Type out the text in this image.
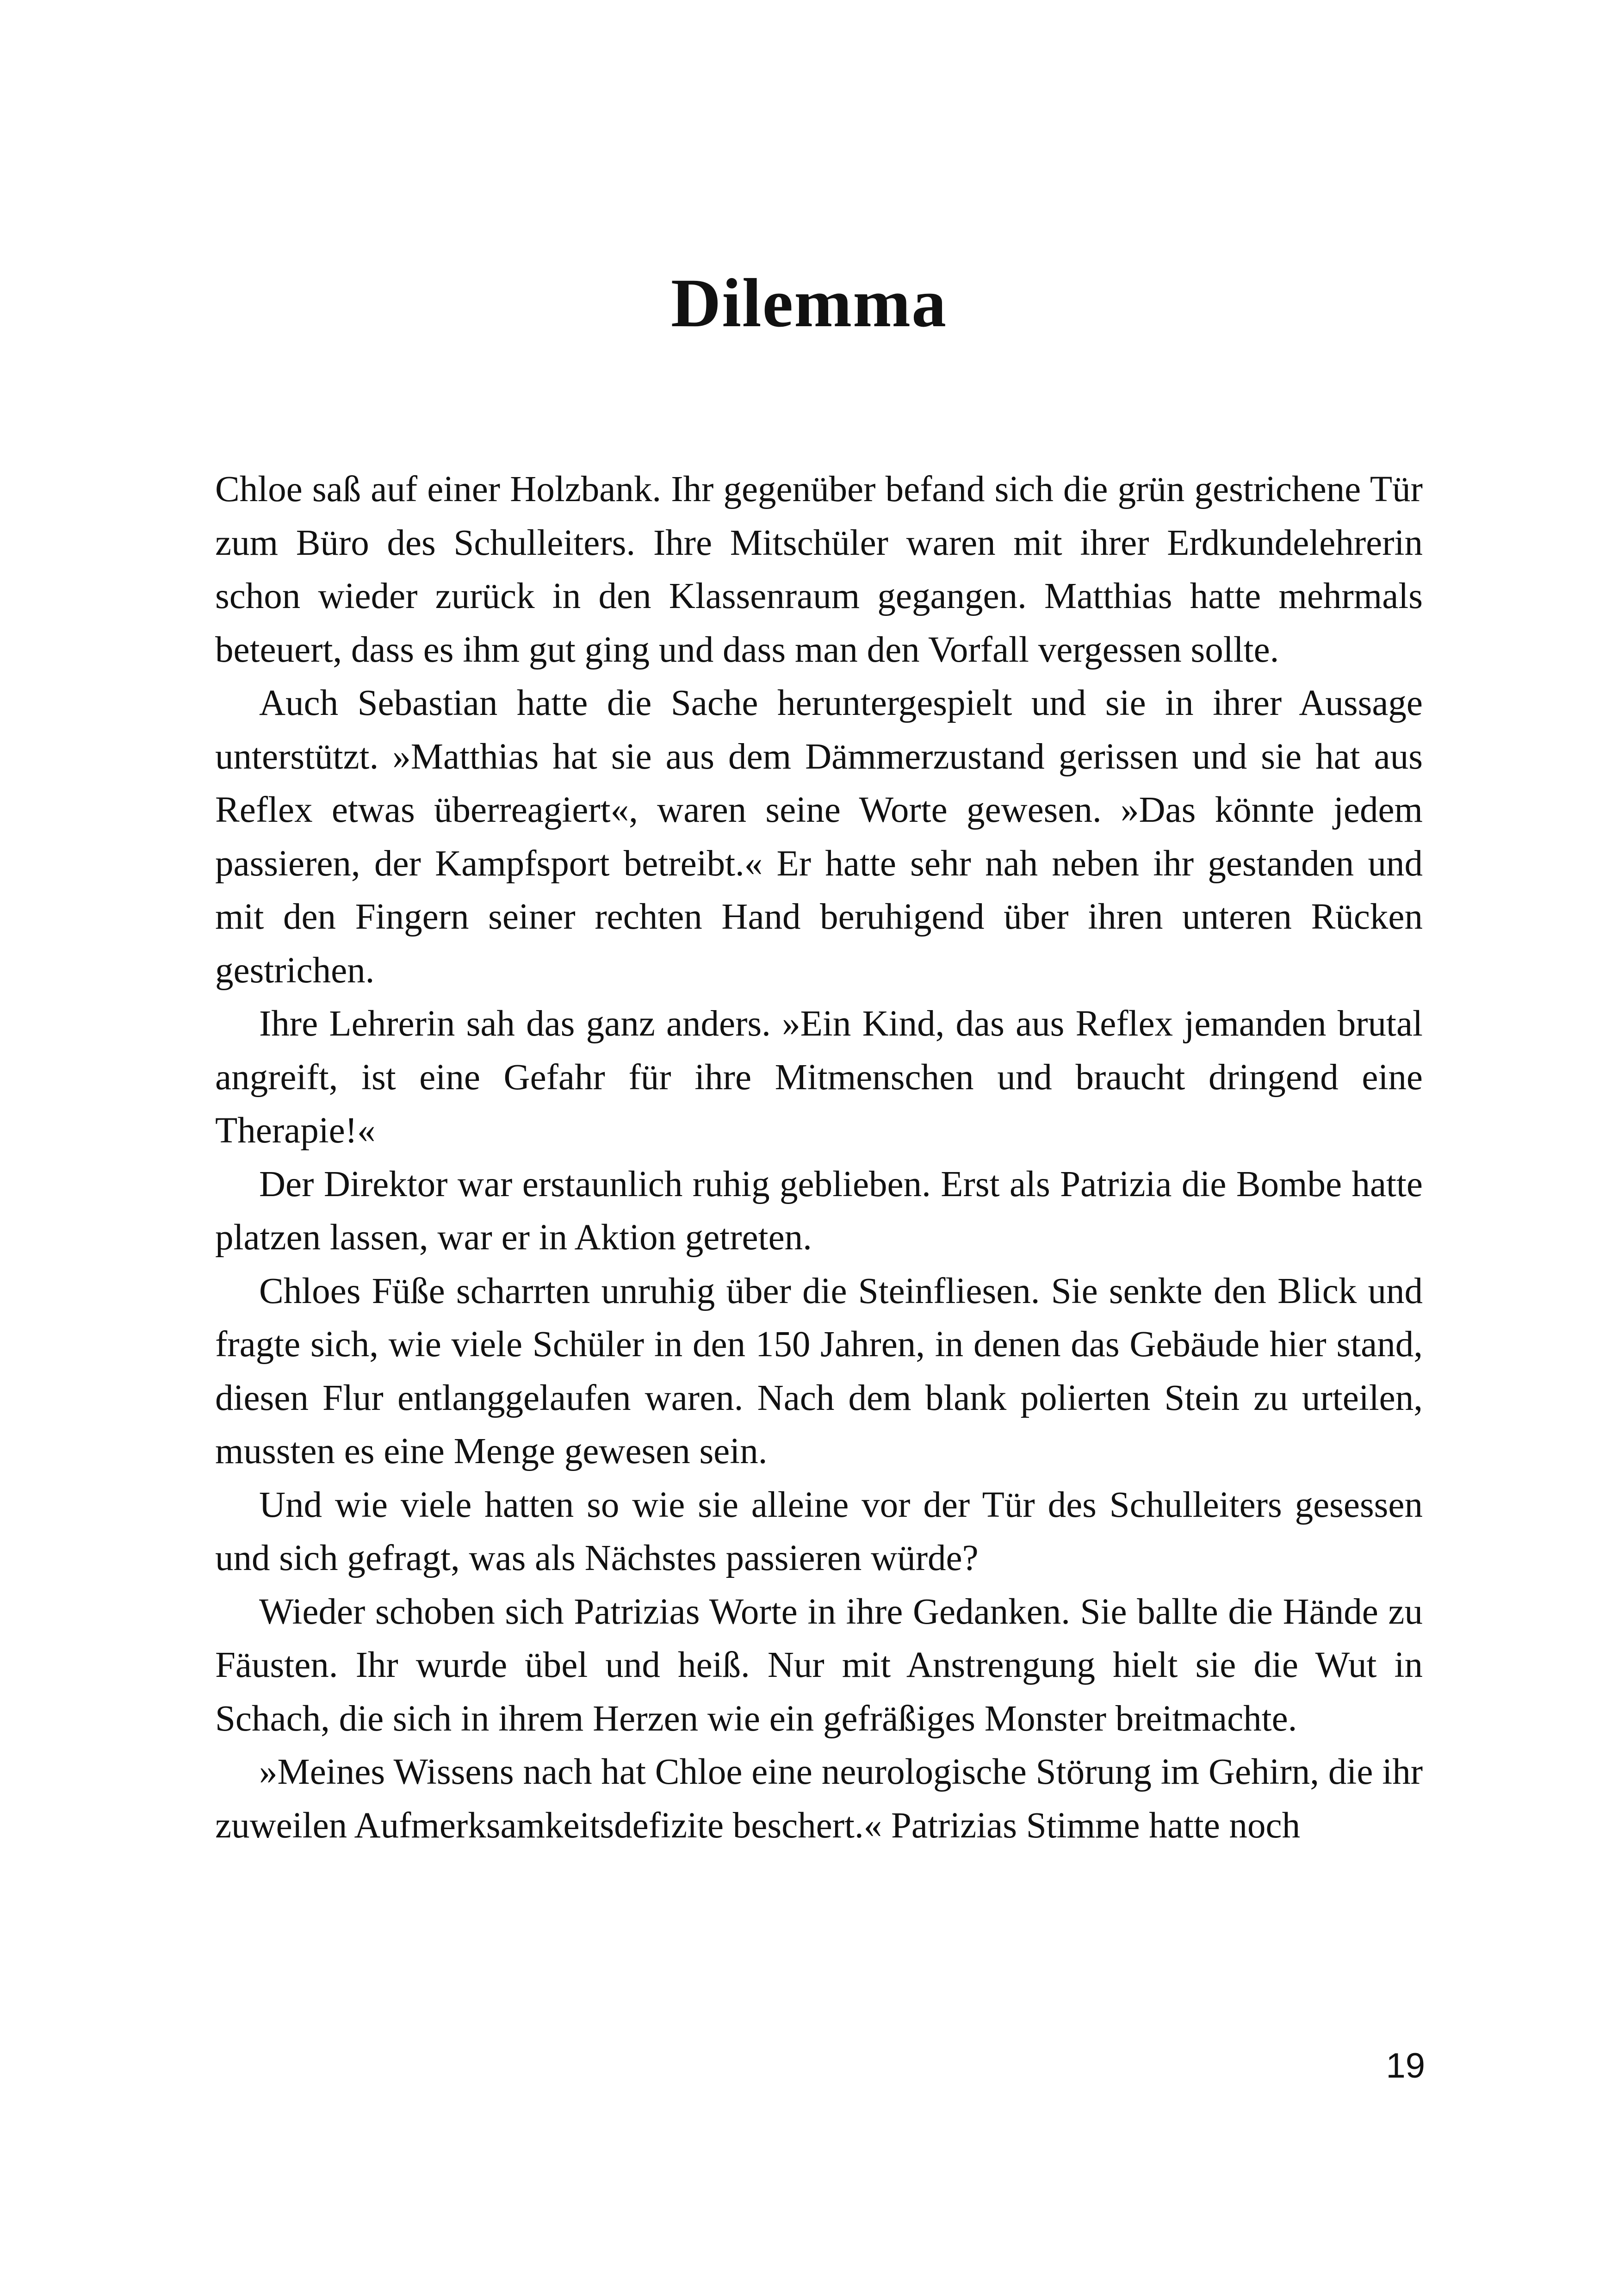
Dilemma

Chloe saß auf einer Holzbank. Ihr gegenüber befand sich die grün gestrichene Tür zum Büro des Schulleiters. Ihre Mitschüler waren mit ihrer Erdkundelehrerin schon wieder zurück in den Klassenraum gegangen. Matthias hatte mehrmals beteuert, dass es ihm gut ging und dass man den Vorfall vergessen sollte.

Auch Sebastian hatte die Sache heruntergespielt und sie in ihrer Aussage unterstützt. »Matthias hat sie aus dem Dämmerzustand gerissen und sie hat aus Reflex etwas überreagiert«, waren seine Worte gewesen. »Das könnte jedem passieren, der Kampfsport betreibt.« Er hatte sehr nah neben ihr gestanden und mit den Fingern seiner rechten Hand beruhigend über ihren unteren Rücken gestrichen.

Ihre Lehrerin sah das ganz anders. »Ein Kind, das aus Reflex jemanden brutal angreift, ist eine Gefahr für ihre Mitmenschen und braucht dringend eine Therapie!«

Der Direktor war erstaunlich ruhig geblieben. Erst als Patrizia die Bombe hatte platzen lassen, war er in Aktion getreten.

Chloes Füße scharrten unruhig über die Steinfliesen. Sie senkte den Blick und fragte sich, wie viele Schüler in den 150 Jahren, in denen das Gebäude hier stand, diesen Flur entlanggelaufen waren. Nach dem blank polierten Stein zu urteilen, mussten es eine Menge gewesen sein.

Und wie viele hatten so wie sie alleine vor der Tür des Schulleiters gesessen und sich gefragt, was als Nächstes passieren würde?

Wieder schoben sich Patrizias Worte in ihre Gedanken. Sie ballte die Hände zu Fäusten. Ihr wurde übel und heiß. Nur mit Anstrengung hielt sie die Wut in Schach, die sich in ihrem Herzen wie ein gefräßiges Monster breitmachte.

»Meines Wissens nach hat Chloe eine neurologische Störung im Gehirn, die ihr zuweilen Aufmerksamkeitsdefizite beschert.« Patrizias Stimme hatte noch

19
